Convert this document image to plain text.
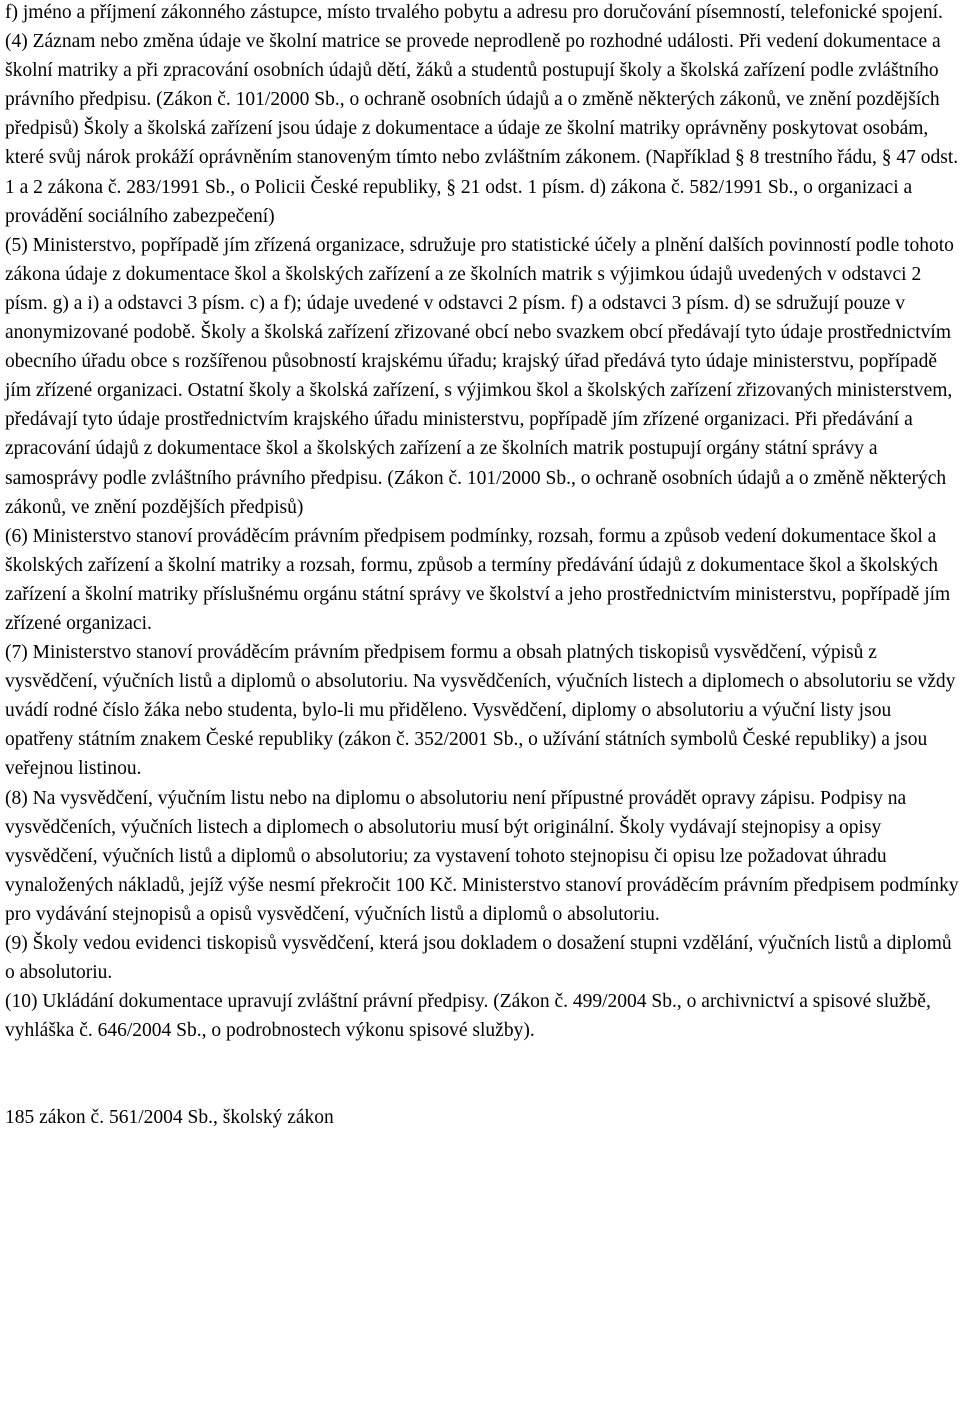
f) jméno a příjmení zákonného zástupce, místo trvalého pobytu a adresu pro doručování písemností, telefonické spojení.

(4) Záznam nebo změna údaje ve školní matrice se provede neprodleně po rozhodné události. Při vedení dokumentace a školní matriky a při zpracování osobních údajů dětí, žáků a studentů postupují školy a školská zařízení podle zvláštního právního předpisu. (Zákon č. 101/2000 Sb., o ochraně osobních údajů a o změně některých zákonů, ve znění pozdějších předpisů) Školy a školská zařízení jsou údaje z dokumentace a údaje ze školní matriky oprávněny poskytovat osobám, které svůj nárok prokáží oprávněním stanoveným tímto nebo zvláštním zákonem. (Například § 8 trestního řádu, § 47 odst. 1 a 2 zákona č. 283/1991 Sb., o Policii České republiky, § 21 odst. 1 písm. d) zákona č. 582/1991 Sb., o organizaci a provádění sociálního zabezpečení)

(5) Ministerstvo, popřípadě jím zřízená organizace, sdružuje pro statistické účely a plnění dalších povinností podle tohoto zákona údaje z dokumentace škol a školských zařízení a ze školních matrik s výjimkou údajů uvedených v odstavci 2 písm. g) a i) a odstavci 3 písm. c) a f); údaje uvedené v odstavci 2 písm. f) a odstavci 3 písm. d) se sdružují pouze v anonymizované podobě. Školy a školská zařízení zřizované obcí nebo svazkem obcí předávají tyto údaje prostřednictvím obecního úřadu obce s rozšířenou působností krajskému úřadu; krajský úřad předává tyto údaje ministerstvu, popřípadě jím zřízené organizaci. Ostatní školy a školská zařízení, s výjimkou škol a školských zařízení zřizovaných ministerstvem, předávají tyto údaje prostřednictvím krajského úřadu ministerstvu, popřípadě jím zřízené organizaci. Při předávání a zpracování údajů z dokumentace škol a školských zařízení a ze školních matrik postupují orgány státní správy a samosprávy podle zvláštního právního předpisu. (Zákon č. 101/2000 Sb., o ochraně osobních údajů a o změně některých zákonů, ve znění pozdějších předpisů)

(6) Ministerstvo stanoví prováděcím právním předpisem podmínky, rozsah, formu a způsob vedení dokumentace škol a školských zařízení a školní matriky a rozsah, formu, způsob a termíny předávání údajů z dokumentace škol a školských zařízení a školní matriky příslušnému orgánu státní správy ve školství a jeho prostřednictvím ministerstvu, popřípadě jím zřízené organizaci.

(7) Ministerstvo stanoví prováděcím právním předpisem formu a obsah platných tiskopisů vysvědčení, výpisů z vysvědčení, výučních listů a diplomů o absolutoriu. Na vysvědčeních, výučních listech a diplomech o absolutoriu se vždy uvádí rodné číslo žáka nebo studenta, bylo-li mu přiděleno. Vysvědčení, diplomy o absolutoriu a výuční listy jsou opatřeny státním znakem České republiky (zákon č. 352/2001 Sb., o užívání státních symbolů České republiky) a jsou veřejnou listinou.

(8) Na vysvědčení, výučním listu nebo na diplomu o absolutoriu není přípustné provádět opravy zápisu. Podpisy na vysvědčeních, výučních listech a diplomech o absolutoriu musí být originální. Školy vydávají stejnopisy a opisy vysvědčení, výučních listů a diplomů o absolutoriu; za vystavení tohoto stejnopisu či opisu lze požadovat úhradu vynaložených nákladů, jejíž výše nesmí překročit 100 Kč. Ministerstvo stanoví prováděcím právním předpisem podmínky pro vydávání stejnopisů a opisů vysvědčení, výučních listů a diplomů o absolutoriu.

(9) Školy vedou evidenci tiskopisů vysvědčení, která jsou dokladem o dosažení stupni vzdělání, výučních listů a diplomů o absolutoriu.

(10) Ukládání dokumentace upravují zvláštní právní předpisy. (Zákon č. 499/2004 Sb., o archivnictví a spisové službě, vyhláška č. 646/2004 Sb., o podrobnostech výkonu spisové služby).

185 zákon č. 561/2004 Sb., školský zákon
